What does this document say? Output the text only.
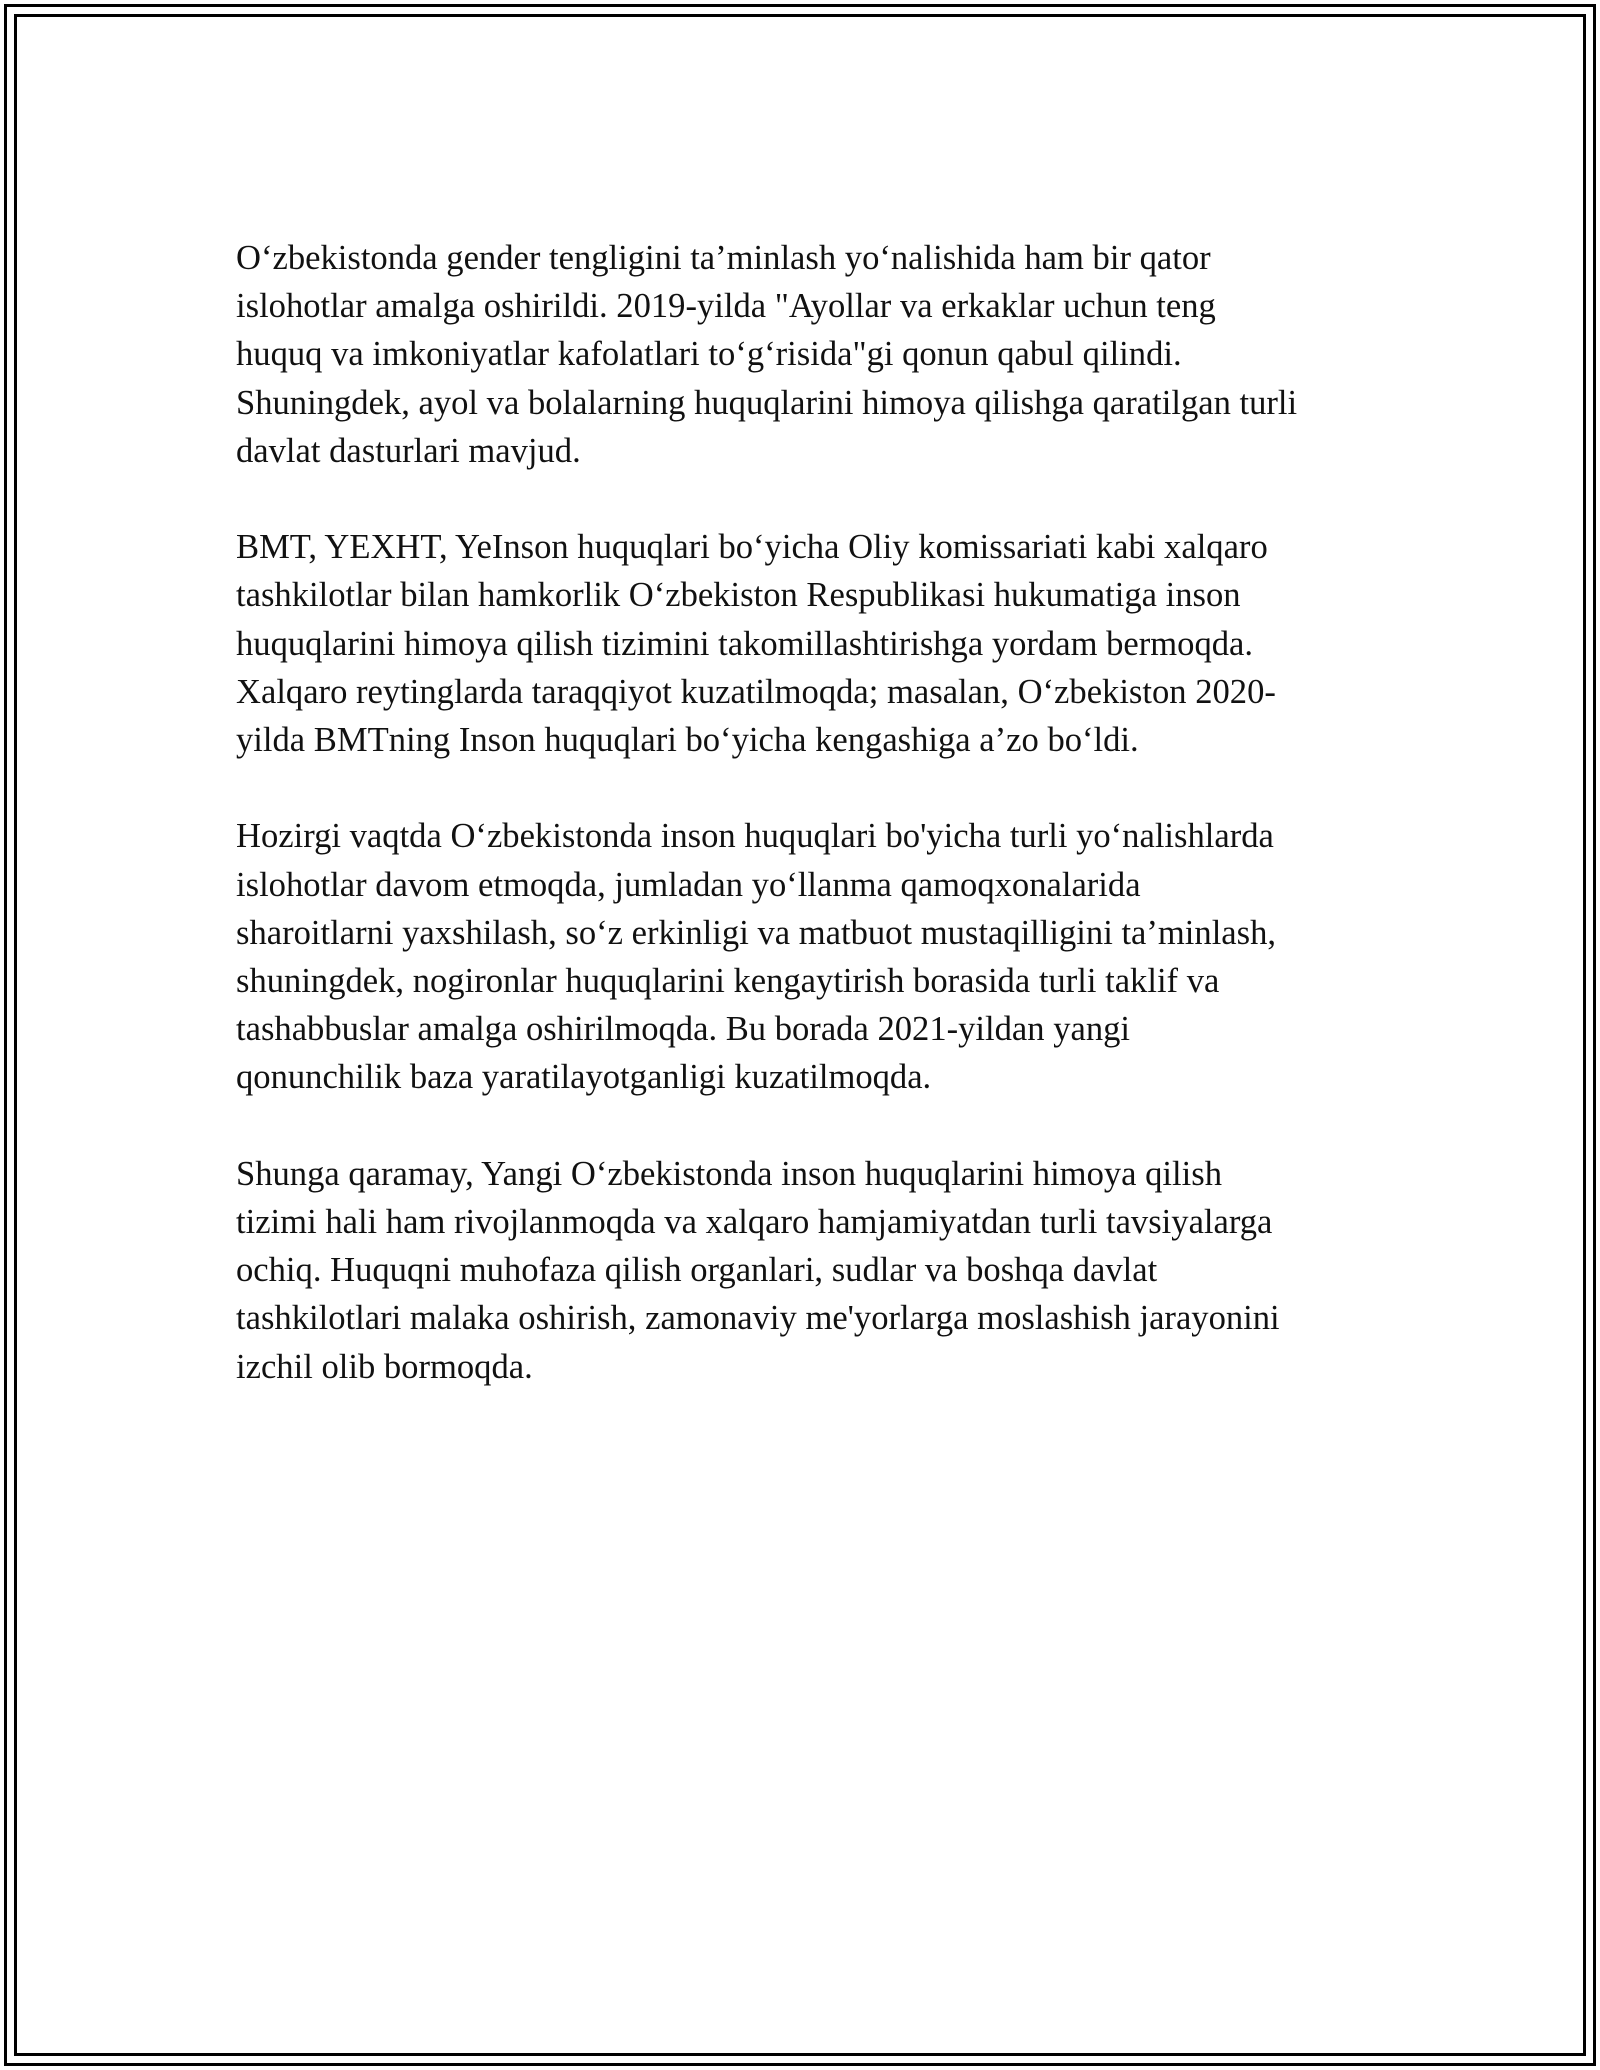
O‘zbekistonda gender tengligini ta’minlash yo‘nalishida ham bir qator
islohotlar amalga oshirildi. 2019-yilda "Ayollar va erkaklar uchun teng
huquq va imkoniyatlar kafolatlari to‘g‘risida"gi qonun qabul qilindi.
Shuningdek, ayol va bolalarning huquqlarini himoya qilishga qaratilgan turli
davlat dasturlari mavjud.

BMT, YEXHT, YeInson huquqlari bo‘yicha Oliy komissariati kabi xalqaro
tashkilotlar bilan hamkorlik O‘zbekiston Respublikasi hukumatiga inson
huquqlarini himoya qilish tizimini takomillashtirishga yordam bermoqda.
Xalqaro reytinglarda taraqqiyot kuzatilmoqda; masalan, O‘zbekiston 2020-
yilda BMTning Inson huquqlari bo‘yicha kengashiga a’zo bo‘ldi.

Hozirgi vaqtda O‘zbekistonda inson huquqlari bo'yicha turli yo‘nalishlarda
islohotlar davom etmoqda, jumladan yo‘llanma qamoqxonalarida
sharoitlarni yaxshilash, so‘z erkinligi va matbuot mustaqilligini ta’minlash,
shuningdek, nogironlar huquqlarini kengaytirish borasida turli taklif va
tashabbuslar amalga oshirilmoqda. Bu borada 2021-yildan yangi
qonunchilik baza yaratilayotganligi kuzatilmoqda.

Shunga qaramay, Yangi O‘zbekistonda inson huquqlarini himoya qilish
tizimi hali ham rivojlanmoqda va xalqaro hamjamiyatdan turli tavsiyalarga
ochiq. Huquqni muhofaza qilish organlari, sudlar va boshqa davlat
tashkilotlari malaka oshirish, zamonaviy me'yorlarga moslashish jarayonini
izchil olib bormoqda.
